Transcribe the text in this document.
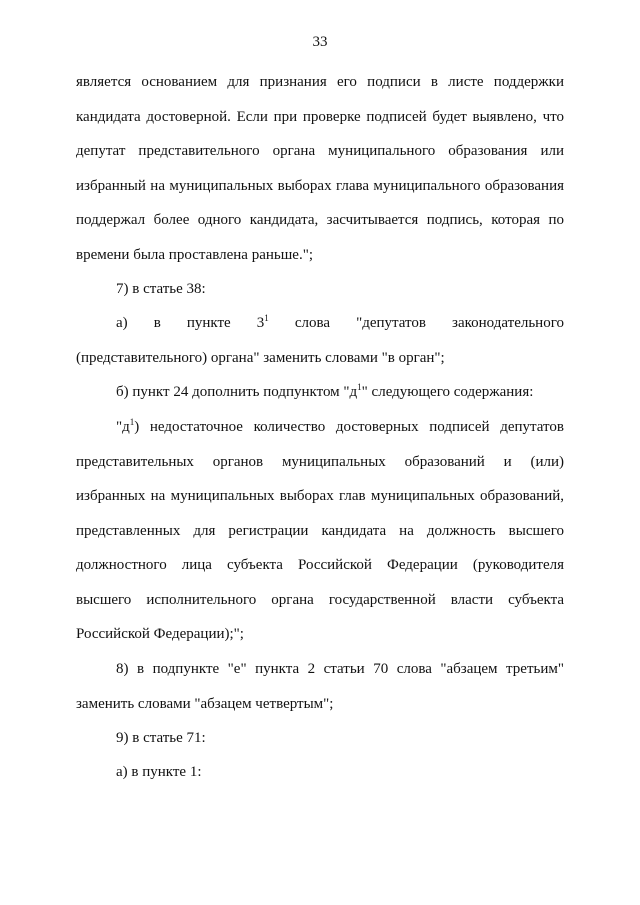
33
является основанием для признания его подписи в листе поддержки
кандидата достоверной. Если при проверке подписей будет выявлено, что
депутат представительного органа муниципального образования или
избранный на муниципальных выборах глава муниципального образования
поддержал более одного кандидата, засчитывается подпись, которая по
времени была проставлена раньше.";
7) в статье 38:
а) в пункте $3^1$ слова "депутатов законодательного
(представительного) органа" заменить словами "в орган";
б) пункт 24 дополнить подпунктом "$д^1$" следующего содержания:
"$д^1$) недостаточное количество достоверных подписей депутатов
представительных органов муниципальных образований и (или)
избранных на муниципальных выборах глав муниципальных образований,
представленных для регистрации кандидата на должность высшего
должностного лица субъекта Российской Федерации (руководителя
высшего исполнительного органа государственной власти субъекта
Российской Федерации);";
8) в подпункте "е" пункта 2 статьи 70 слова "абзацем третьим"
заменить словами "абзацем четвертым";
9) в статье 71:
а) в пункте 1:
